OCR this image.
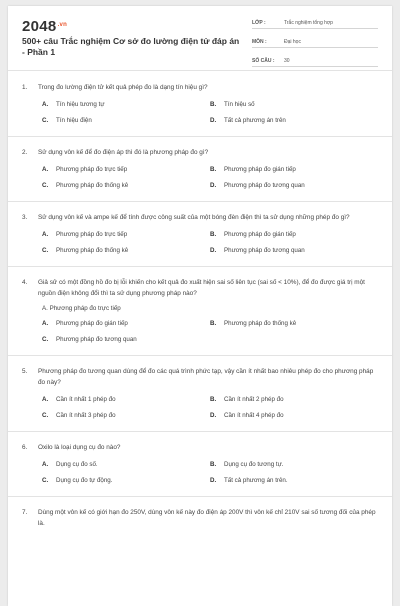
$2048^{.vn}$
500+ câu Trắc nghiệm Cơ sở đo lường điện tử đáp án - Phần 1
LỚP :	Trắc nghiệm tổng hợp
MÔN :	Đại học
SỐ CÂU :	30
1.	Trong đo lường điện tử kết quả phép đo là dạng tín hiệu gì?
A.	Tín hiệu tương tự	B.	Tín hiệu số
C.	Tín hiệu điện	D.	Tất cả phương án trên
2.	Sử dụng vôn kế để đo điện áp thì đó là phương pháp đo gì?
A.	Phương pháp đo trực tiếp	B.	Phương pháp đo gián tiếp
C.	Phương pháp đo thống kê	D.	Phương pháp đo tương quan
3.	Sử dụng vôn kế và ampe kế để tính được công suất của một bóng đèn điện thì ta sử dụng những phép đo gì?
A.	Phương pháp đo trực tiếp	B.	Phương pháp đo gián tiếp
C.	Phương pháp đo thống kê	D.	Phương pháp đo tương quan
4.	Giả sử có một đồng hồ đo bị lỗi khiến cho kết quả đo xuất hiện sai số liên tục (sai số < 10%), để đo được giá trị một nguồn điện không đổi thì ta sử dụng phương pháp nào?
A. Phương pháp đo trực tiếp
A.	Phương pháp đo gián tiếp	B.	Phương pháp đo thống kê
C.	Phương pháp đo tương quan
5.	Phương pháp đo tương quan dùng để đo các quá trình phức tạp, vậy cần ít nhất bao nhiêu phép đo cho phương pháp đo này?
A.	Cần ít nhất 1 phép đo	B.	Cần ít nhất 2 phép đo
C.	Cần ít nhất 3 phép đo	D.	Cần ít nhất 4 phép đo
6.	Oxilo là loại dụng cụ đo nào?
A.	Dụng cụ đo số.	B.	Dụng cụ đo tương tự.
C.	Dụng cụ đo tự động.	D.	Tất cả phương án trên.
7.	Dùng một vôn kế có giới hạn đo 250V, dùng vôn kế này đo điện áp 200V thì vôn kế chỉ 210V sai số tương đối của phép là.
